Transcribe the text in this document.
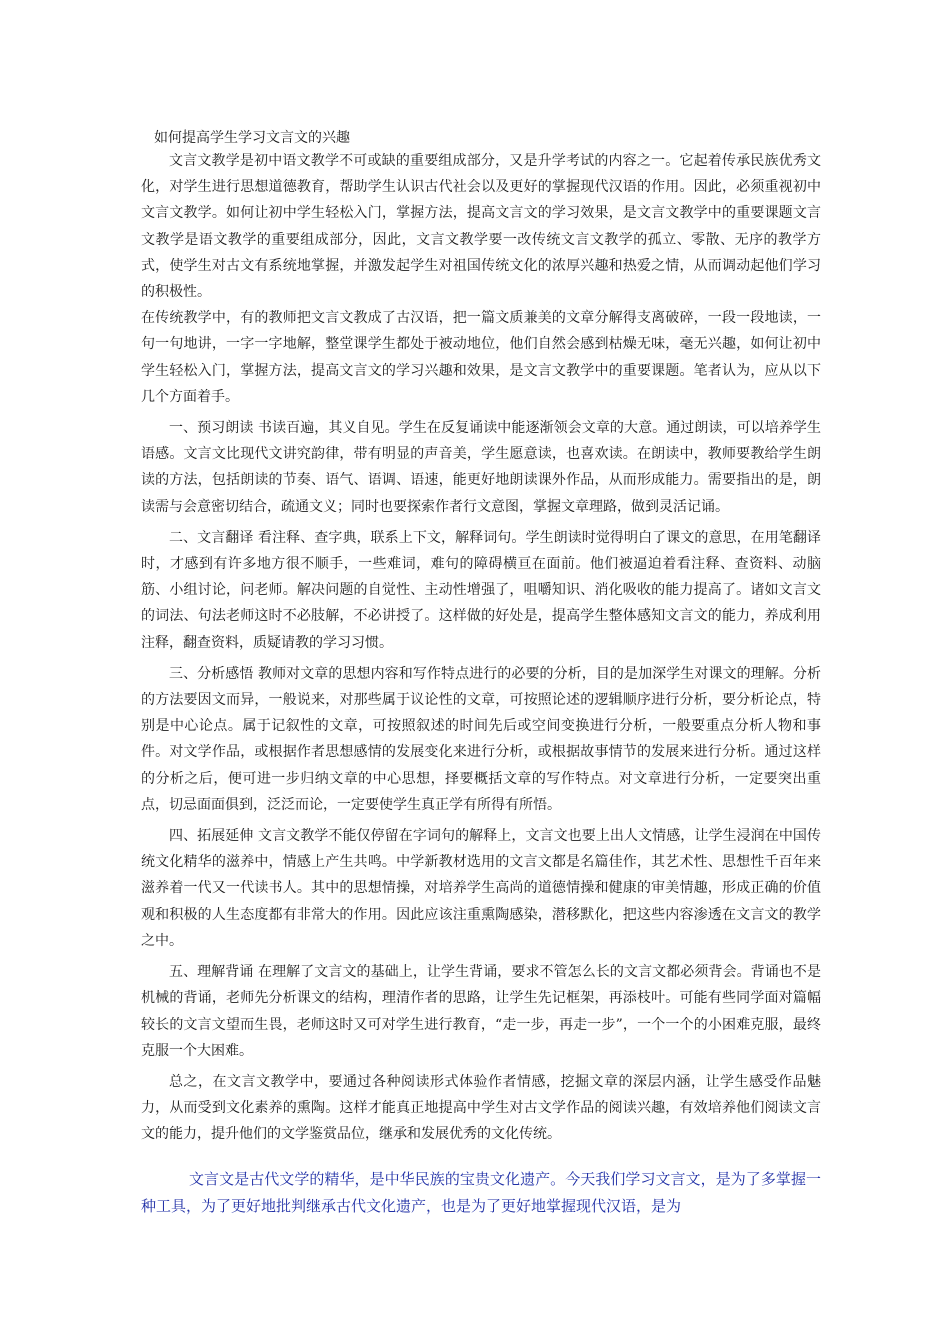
如何提高学生学习文言文的兴趣

文言文教学是初中语文教学不可或缺的重要组成部分，又是升学考试的内容之一。它起着传承民族优秀文化，对学生进行思想道德教育，帮助学生认识古代社会以及更好的掌握现代汉语的作用。因此，必须重视初中文言文教学。如何让初中学生轻松入门，掌握方法，提高文言文的学习效果，是文言文教学中的重要课题文言文教学是语文教学的重要组成部分，因此，文言文教学要一改传统文言文教学的孤立、零散、无序的教学方式，使学生对古文有系统地掌握，并激发起学生对祖国传统文化的浓厚兴趣和热爱之情，从而调动起他们学习的积极性。

在传统教学中，有的教师把文言文教成了古汉语，把一篇文质兼美的文章分解得支离破碎，一段一段地读，一句一句地讲，一字一字地解，整堂课学生都处于被动地位，他们自然会感到枯燥无味，毫无兴趣，如何让初中学生轻松入门，掌握方法，提高文言文的学习兴趣和效果，是文言文教学中的重要课题。笔者认为，应从以下几个方面着手。

一、预习朗读 书读百遍，其义自见。学生在反复诵读中能逐渐领会文章的大意。通过朗读，可以培养学生语感。文言文比现代文讲究韵律，带有明显的声音美，学生愿意读，也喜欢读。在朗读中，教师要教给学生朗读的方法，包括朗读的节奏、语气、语调、语速，能更好地朗读课外作品，从而形成能力。需要指出的是，朗读需与会意密切结合，疏通文义；同时也要探索作者行文意图，掌握文章理路，做到灵活记诵。

二、文言翻译 看注释、查字典，联系上下文，解释词句。学生朗读时觉得明白了课文的意思，在用笔翻译时，才感到有许多地方很不顺手，一些难词，难句的障碍横亘在面前。他们被逼迫着看注释、查资料、动脑筋、小组讨论，问老师。解决问题的自觉性、主动性增强了，咀嚼知识、消化吸收的能力提高了。诸如文言文的词法、句法老师这时不必肢解，不必讲授了。这样做的好处是，提高学生整体感知文言文的能力，养成利用注释，翻查资料，质疑请教的学习习惯。

三、分析感悟 教师对文章的思想内容和写作特点进行的必要的分析，目的是加深学生对课文的理解。分析的方法要因文而异，一般说来，对那些属于议论性的文章，可按照论述的逻辑顺序进行分析，要分析论点，特别是中心论点。属于记叙性的文章，可按照叙述的时间先后或空间变换进行分析，一般要重点分析人物和事件。对文学作品，或根据作者思想感情的发展变化来进行分析，或根据故事情节的发展来进行分析。通过这样的分析之后，便可进一步归纳文章的中心思想，择要概括文章的写作特点。对文章进行分析，一定要突出重点，切忌面面俱到，泛泛而论，一定要使学生真正学有所得有所悟。

四、拓展延伸 文言文教学不能仅停留在字词句的解释上，文言文也要上出人文情感，让学生浸润在中国传统文化精华的滋养中，情感上产生共鸣。中学新教材选用的文言文都是名篇佳作，其艺术性、思想性千百年来滋养着一代又一代读书人。其中的思想情操，对培养学生高尚的道德情操和健康的审美情趣，形成正确的价值观和积极的人生态度都有非常大的作用。因此应该注重熏陶感染，潜移默化，把这些内容渗透在文言文的教学之中。

五、理解背诵 在理解了文言文的基础上，让学生背诵，要求不管怎么长的文言文都必须背会。背诵也不是机械的背诵，老师先分析课文的结构，理清作者的思路，让学生先记框架，再添枝叶。可能有些同学面对篇幅较长的文言文望而生畏，老师这时又可对学生进行教育，“走一步，再走一步”，一个一个的小困难克服，最终克服一个大困难。

总之，在文言文教学中，要通过各种阅读形式体验作者情感，挖掘文章的深层内涵，让学生感受作品魅力，从而受到文化素养的熏陶。这样才能真正地提高中学生对古文学作品的阅读兴趣，有效培养他们阅读文言文的能力，提升他们的文学鉴赏品位，继承和发展优秀的文化传统。

文言文是古代文学的精华，是中华民族的宝贵文化遗产。今天我们学习文言文，是为了多掌握一种工具，为了更好地批判继承古代文化遗产，也是为了更好地掌握现代汉语，是为
